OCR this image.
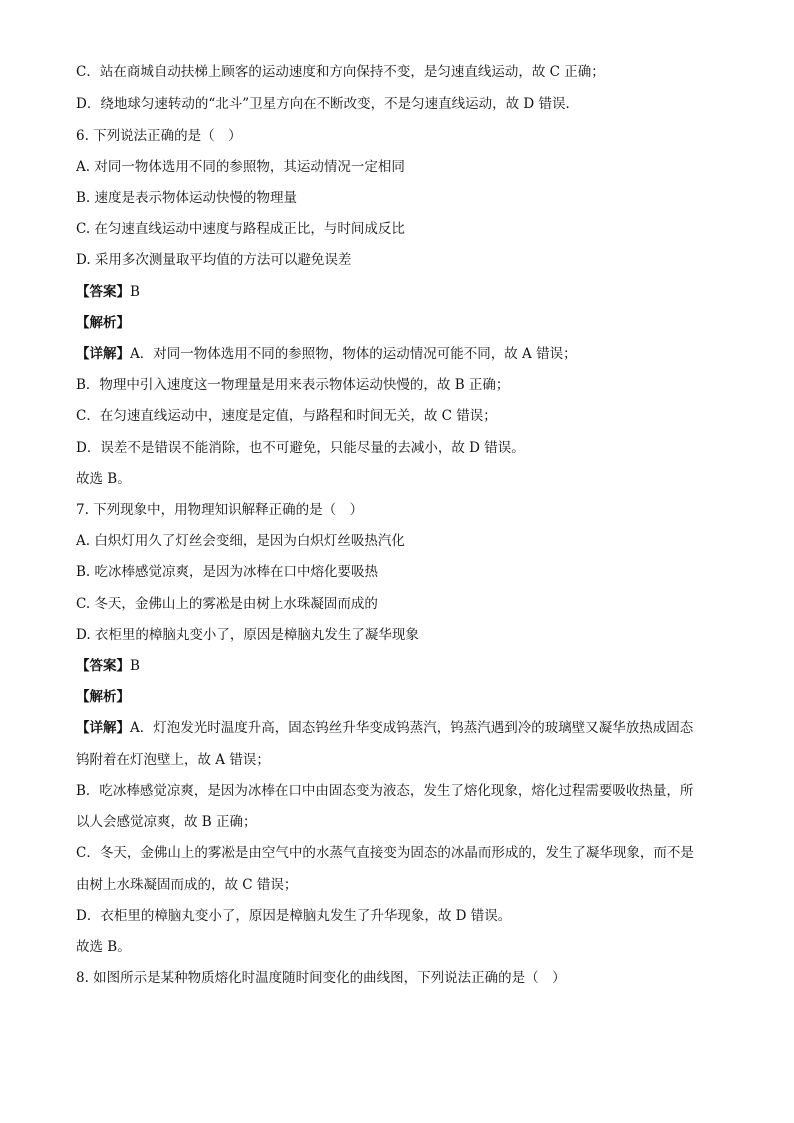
C．站在商城自动扶梯上顾客的运动速度和方向保持不变，是匀速直线运动，故 C 正确；
D．绕地球匀速转动的“北斗”卫星方向在不断改变，不是匀速直线运动，故 D 错误．
6. 下列说法正确的是（　）
A. 对同一物体选用不同的参照物，其运动情况一定相同
B. 速度是表示物体运动快慢的物理量
C. 在匀速直线运动中速度与路程成正比，与时间成反比
D. 采用多次测量取平均值的方法可以避免误差
【答案】B
【解析】
【详解】A．对同一物体选用不同的参照物，物体的运动情况可能不同，故 A 错误；
B．物理中引入速度这一物理量是用来表示物体运动快慢的，故 B 正确；
C．在匀速直线运动中，速度是定值，与路程和时间无关，故 C 错误；
D．误差不是错误不能消除，也不可避免，只能尽量的去减小，故 D 错误。
故选 B。
7. 下列现象中，用物理知识解释正确的是（　）
A. 白炽灯用久了灯丝会变细，是因为白炽灯丝吸热汽化
B. 吃冰棒感觉凉爽，是因为冰棒在口中熔化要吸热
C. 冬天，金佛山上的雾凇是由树上水珠凝固而成的
D. 衣柜里的樟脑丸变小了，原因是樟脑丸发生了凝华现象
【答案】B
【解析】
【详解】A．灯泡发光时温度升高，固态钨丝升华变成钨蒸汽，钨蒸汽遇到冷的玻璃壁又凝华放热成固态
钨附着在灯泡壁上，故 A 错误；
B．吃冰棒感觉凉爽，是因为冰棒在口中由固态变为液态，发生了熔化现象，熔化过程需要吸收热量，所
以人会感觉凉爽，故 B 正确；
C．冬天，金佛山上的雾凇是由空气中的水蒸气直接变为固态的冰晶而形成的，发生了凝华现象，而不是
由树上水珠凝固而成的，故 C 错误；
D．衣柜里的樟脑丸变小了，原因是樟脑丸发生了升华现象，故 D 错误。
故选 B。
8. 如图所示是某种物质熔化时温度随时间变化的曲线图，下列说法正确的是（　）
